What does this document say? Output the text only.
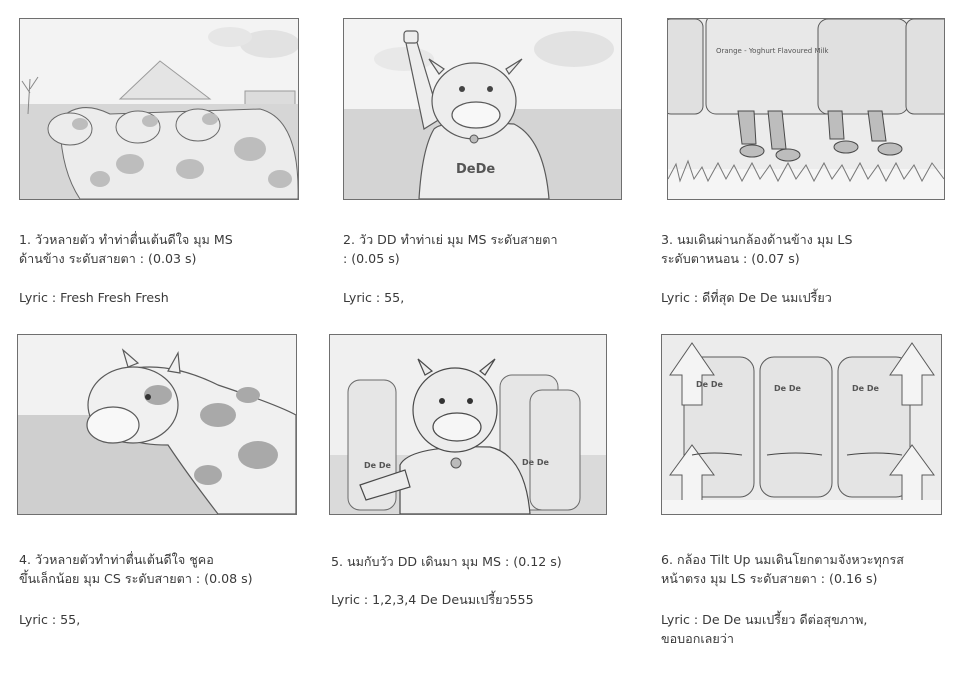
1. วัวหลายตัว ทำท่าตื่นเต้นดีใจ มุม MS
ด้านข้าง ระดับสายตา : (0.03 s)
Lyric : Fresh Fresh Fresh
DeDe
2. วัว DD ทำท่าเย่ มุม MS ระดับสายตา
: (0.05 s)
Lyric : 55,
Orange - Yoghurt Flavoured Milk
3. นมเดินผ่านกล้องด้านข้าง มุม LS
ระดับตาหนอน : (0.07 s)
Lyric : ดีที่สุด De De นมเปรี้ยว
4. วัวหลายตัวทำท่าตื่นเต้นดีใจ ชูคอ
ขึ้นเล็กน้อย มุม CS ระดับสายตา : (0.08 s)
Lyric : 55,
De De	De De
5. นมกับวัว DD เดินมา มุม MS : (0.12 s)
Lyric : 1,2,3,4 De Deนมเปรี้ยว555
De De	De De	De De
6. กล้อง Tilt Up นมเดินโยกตามจังหวะทุกรส
หน้าตรง มุม LS ระดับสายตา : (0.16 s)
Lyric : De De นมเปรี้ยว ดีต่อสุขภาพ,
ขอบอกเลยว่า
